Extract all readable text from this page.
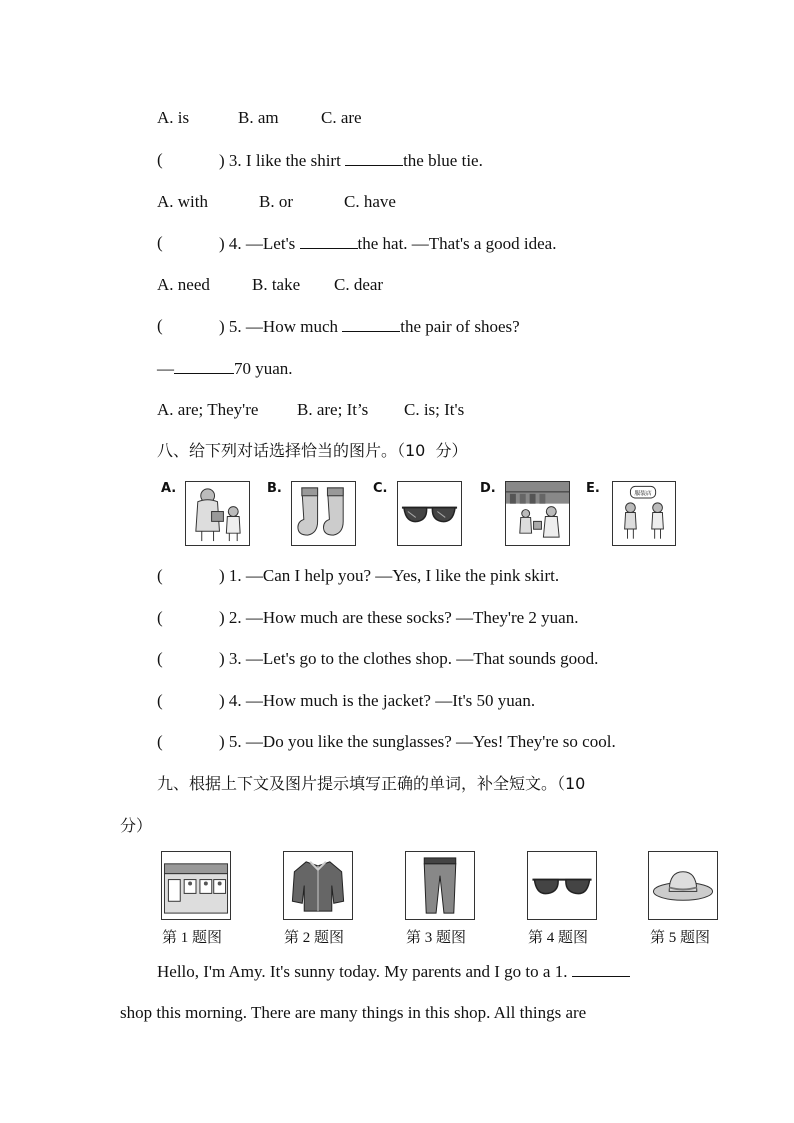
A. is	B. am C. are
(	) 3. I like the shirt	the blue tie.
A. with	B. or	C. have
(	) 4. —Let's	the hat. —That's a good idea.
A. need B. take C. dear
(	) 5. —How much	the pair of shoes?
—	70 yuan.
A. are; They're B. are; It’s C. is; It's
八、给下列对话选择恰当的图片。（10  分）
A.	B.	C.	D.	E.	服装店
(	) 1. —Can I help you? —Yes, I like the pink skirt.
(	) 2. —How much are these socks? —They're 2 yuan.
(	) 3. —Let's go to the clothes shop. —That sounds good.
(	) 4. —How much is the jacket? —It's 50 yuan.
(	) 5. —Do you like the sunglasses? —Yes! They're so cool.
九、根据上下文及图片提示填写正确的单词，补全短文。（10
分）
第 1 题图	第 2 题图	第 3 题图	第 4 题图	第 5 题图
Hello, I'm Amy. It's sunny today. My parents and I go to a 1.
shop this morning. There are many things in this shop. All things are
